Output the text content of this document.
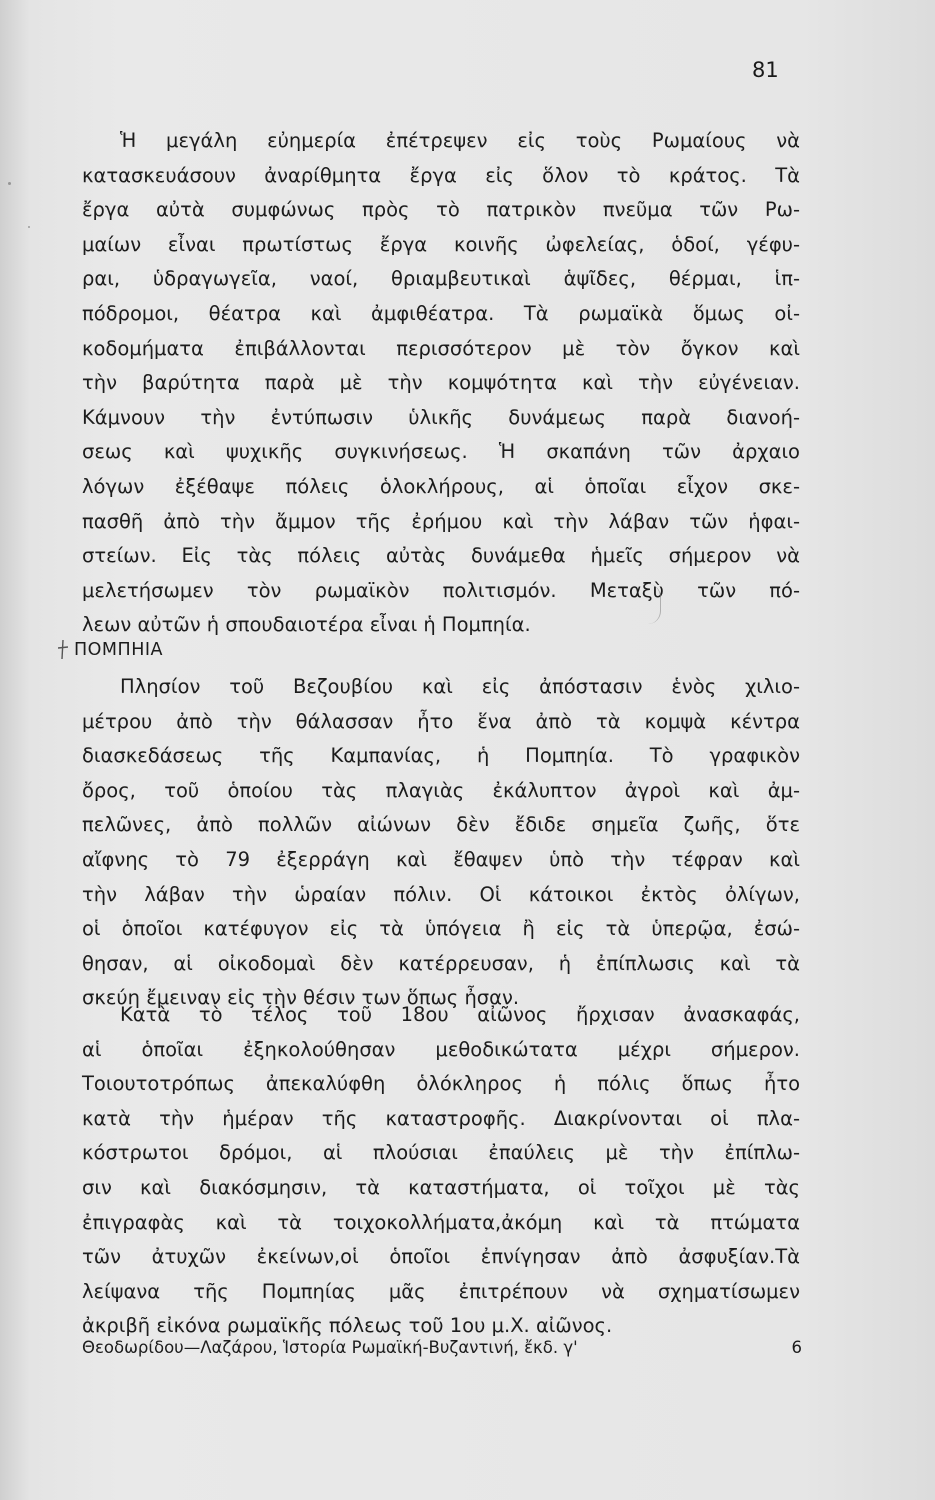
81
Ἡ μεγάλη εὐημερία ἐπέτρεψεν εἰς τοὺς Ρωμαίους νὰ
κατασκευάσουν ἀναρίθμητα ἔργα εἰς ὅλον τὸ κράτος. Τὰ
ἔργα αὐτὰ συμφώνως πρὸς τὸ πατρικὸν πνεῦμα τῶν Ρω-
μαίων εἶναι πρωτίστως ἔργα κοινῆς ὠφελείας, ὁδοί, γέφυ-
ραι, ὑδραγωγεῖα, ναοί, θριαμβευτικαὶ ἁψῖδες, θέρμαι, ἱπ-
πόδρομοι, θέατρα καὶ ἀμφιθέατρα. Τὰ ρωμαϊκὰ ὅμως οἰ-
κοδομήματα ἐπιβάλλονται περισσότερον μὲ τὸν ὄγκον καὶ
τὴν βαρύτητα παρὰ μὲ τὴν κομψότητα καὶ τὴν εὐγένειαν.
Κάμνουν τὴν ἐντύπωσιν ὑλικῆς δυνάμεως παρὰ διανοή-
σεως καὶ ψυχικῆς συγκινήσεως. Ἡ σκαπάνη τῶν ἀρχαιο
λόγων ἐξέθαψε πόλεις ὁλοκλήρους, αἱ ὁποῖαι εἶχον σκε-
πασθῆ ἀπὸ τὴν ἄμμον τῆς ἐρήμου καὶ τὴν λάβαν τῶν ἡφαι-
στείων. Εἰς τὰς πόλεις αὐτὰς δυνάμεθα ἡμεῖς σήμερον νὰ
μελετήσωμεν τὸν ρωμαϊκὸν πολιτισμόν. Μεταξὺ τῶν πό-
λεων αὐτῶν ἡ σπουδαιοτέρα εἶναι ἡ Πομπηία.
ΠΟΜΠΗΙΑ
Πλησίον τοῦ Βεζουβίου καὶ εἰς ἀπόστασιν ἑνὸς χιλιο-
μέτρου ἀπὸ τὴν θάλασσαν ἦτο ἕνα ἀπὸ τὰ κομψὰ κέντρα
διασκεδάσεως τῆς Καμπανίας, ἡ Πομπηία. Τὸ γραφικὸν
ὄρος, τοῦ ὁποίου τὰς πλαγιὰς ἐκάλυπτον ἀγροὶ καὶ ἀμ-
πελῶνες, ἀπὸ πολλῶν αἰώνων δὲν ἔδιδε σημεῖα ζωῆς, ὅτε
αἴφνης τὸ 79 ἐξερράγη καὶ ἔθαψεν ὑπὸ τὴν τέφραν καὶ
τὴν λάβαν τὴν ὡραίαν πόλιν. Οἱ κάτοικοι ἐκτὸς ὀλίγων,
οἱ ὁποῖοι κατέφυγον εἰς τὰ ὑπόγεια ἢ εἰς τὰ ὑπερῷα, ἐσώ-
θησαν, αἱ οἰκοδομαὶ δὲν κατέρρευσαν, ἡ ἐπίπλωσις καὶ τὰ
σκεύη ἔμειναν εἰς τὴν θέσιν των ὅπως ἦσαν.
Κατὰ τὸ τέλος τοῦ 18ου αἰῶνος ἤρχισαν ἀνασκαφάς,
αἱ ὁποῖαι ἐξηκολούθησαν μεθοδικώτατα μέχρι σήμερον.
Τοιουτοτρόπως ἀπεκαλύφθη ὁλόκληρος ἡ πόλις ὅπως ἦτο
κατὰ τὴν ἡμέραν τῆς καταστροφῆς. Διακρίνονται οἱ πλα-
κόστρωτοι δρόμοι, αἱ πλούσιαι ἐπαύλεις μὲ τὴν ἐπίπλω-
σιν καὶ διακόσμησιν, τὰ καταστήματα, οἱ τοῖχοι μὲ τὰς
ἐπιγραφὰς καὶ τὰ τοιχοκολλήματα,ἀκόμη καὶ τὰ πτώματα
τῶν ἀτυχῶν ἐκείνων,οἱ ὁποῖοι ἐπνίγησαν ἀπὸ ἀσφυξίαν.Τὰ
λείψανα τῆς Πομπηίας μᾶς ἐπιτρέπουν νὰ σχηματίσωμεν
ἀκριβῆ εἰκόνα ρωμαϊκῆς πόλεως τοῦ 1ου μ.Χ. αἰῶνος.
Θεοδωρίδου—Λαζάρου, Ἱστορία Ρωμαϊκή-Βυζαντινή, ἔκδ. γ'	6
